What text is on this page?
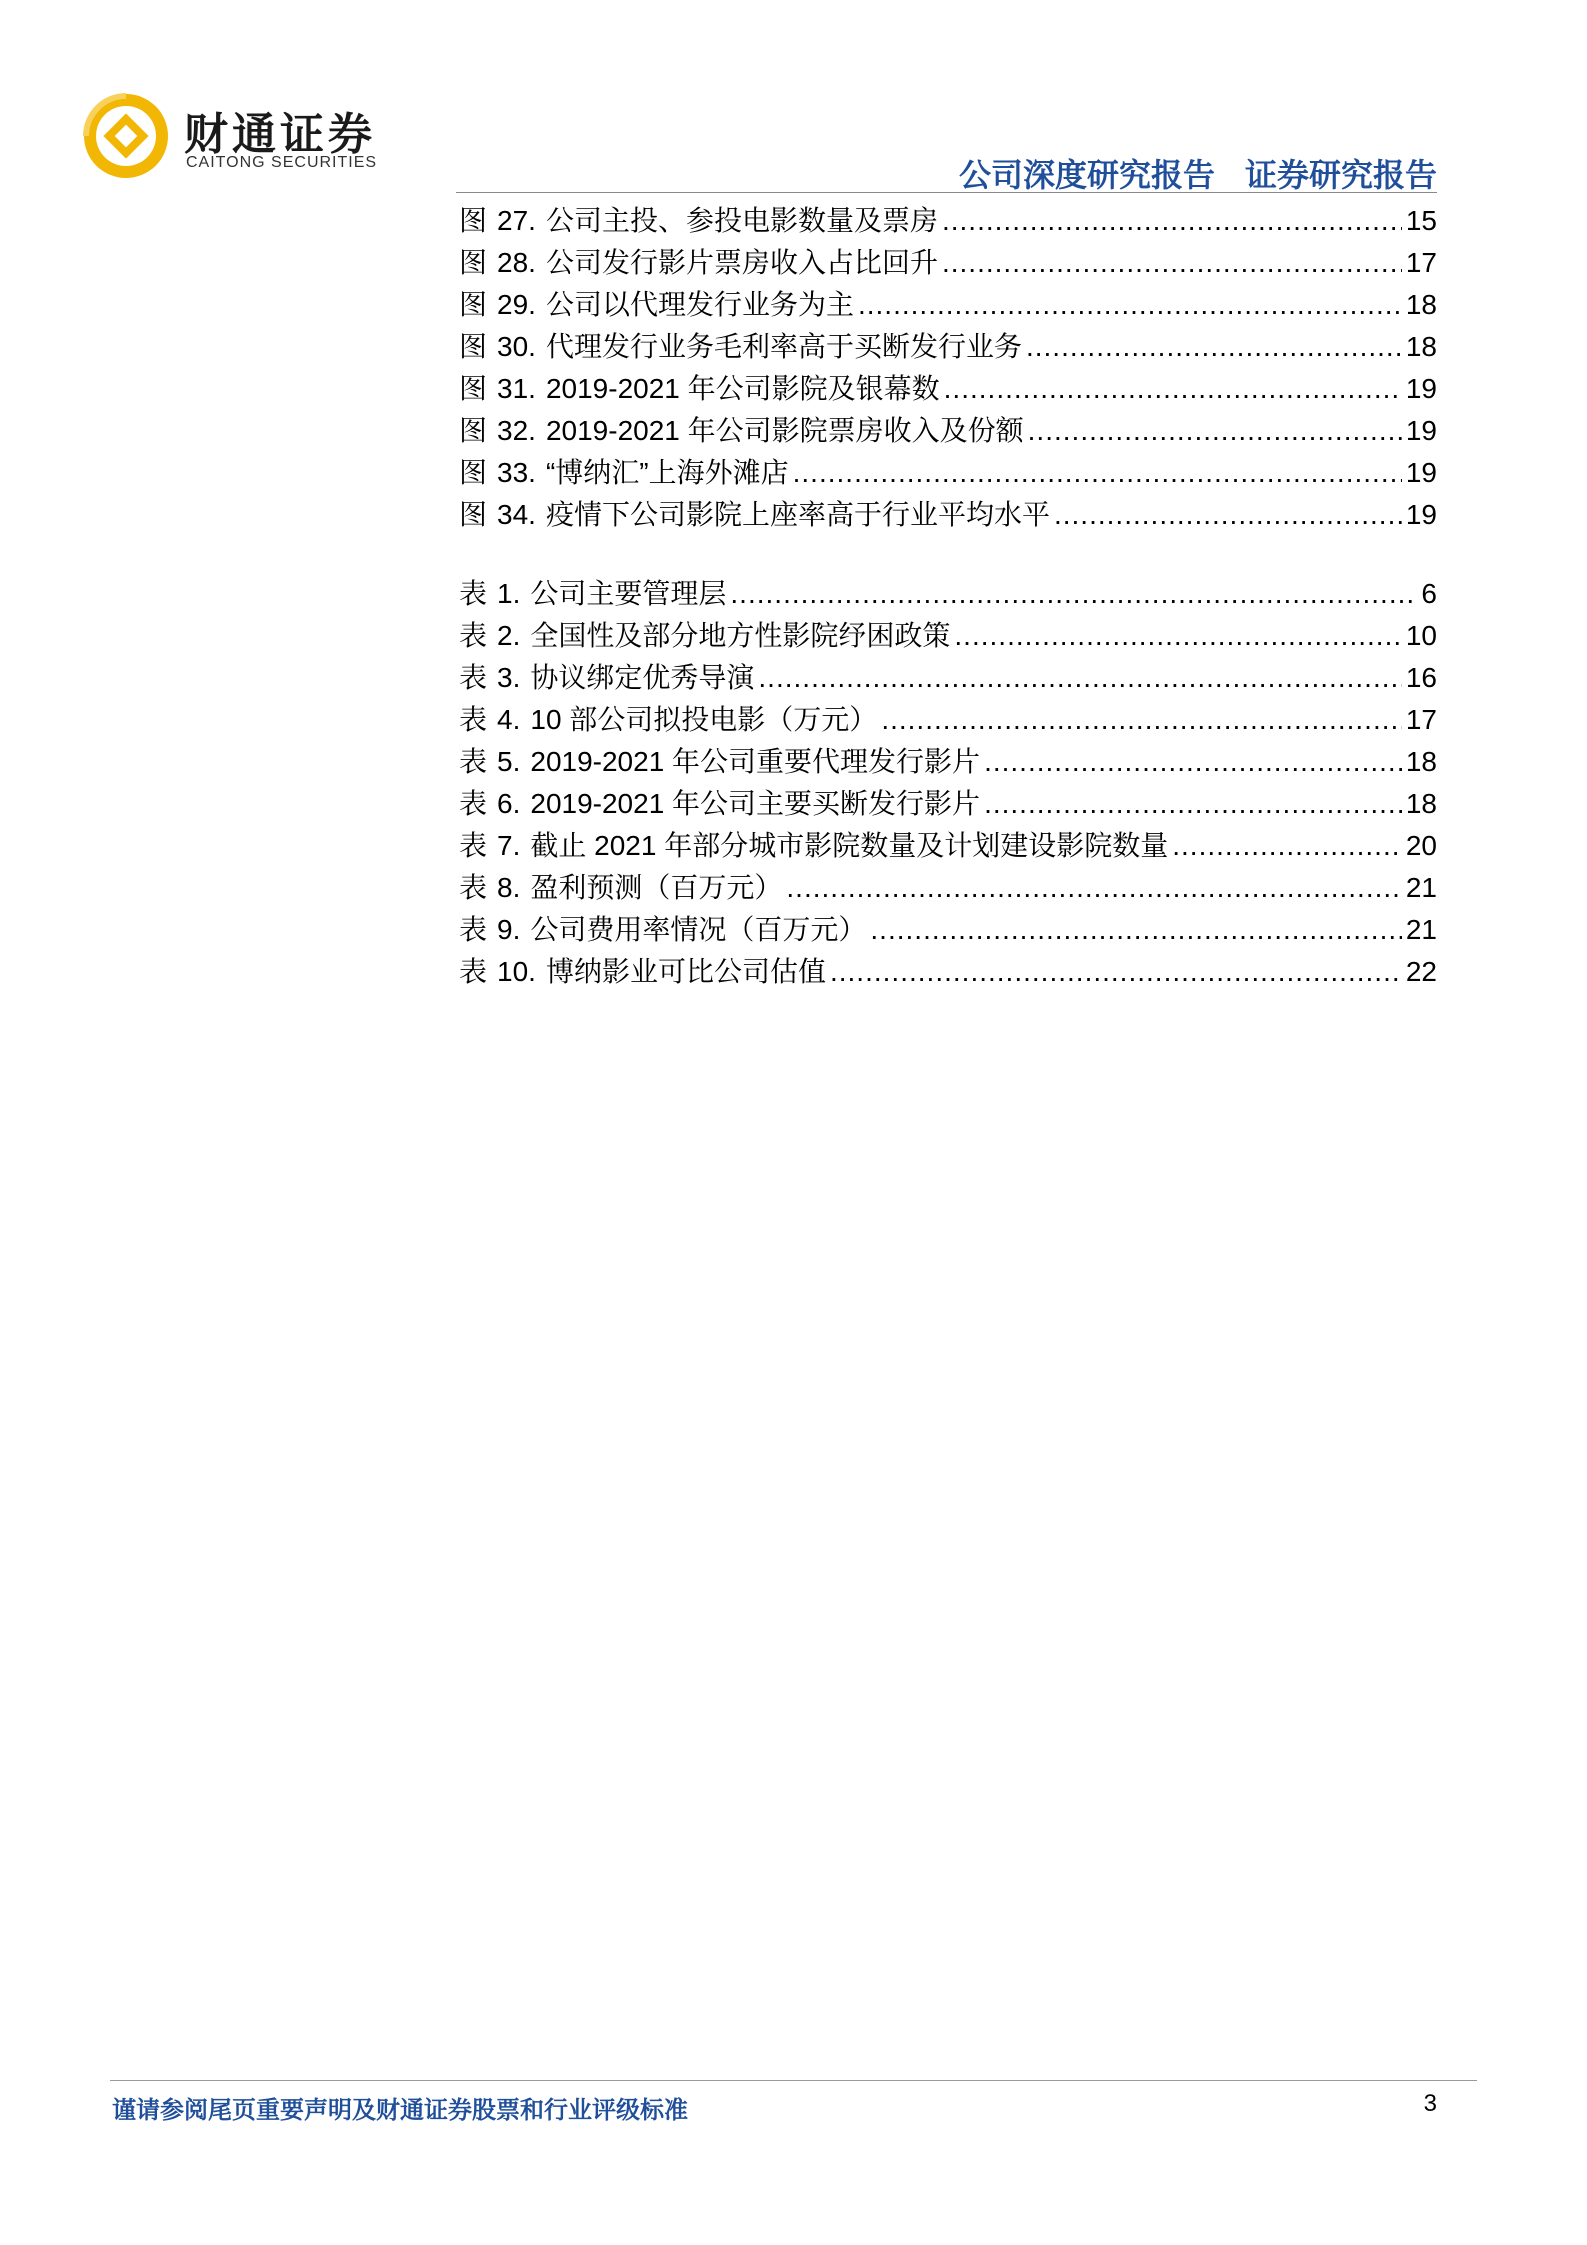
财通证券
CAITONG SECURITIES	公司深度研究报告 证券研究报告
图 27. 公司主投、参投电影数量及票房 .....	15
图 28. 公司发行影片票房收入占比回升 .....	17
图 29. 公司以代理发行业务为主 .....	18
图 30. 代理发行业务毛利率高于买断发行业务 .....	18
图 31. 2019-2021 年公司影院及银幕数 .....	19
图 32. 2019-2021 年公司影院票房收入及份额 .....	19
图 33. “博纳汇”上海外滩店 .....	19
图 34. 疫情下公司影院上座率高于行业平均水平 .....	19
表 1. 公司主要管理层 .....	6
表 2. 全国性及部分地方性影院纾困政策 .....	10
表 3. 协议绑定优秀导演 .....	16
表 4. 10 部公司拟投电影（万元） .....	17
表 5. 2019-2021 年公司重要代理发行影片 .....	18
表 6. 2019-2021 年公司主要买断发行影片 .....	18
表 7. 截止 2021 年部分城市影院数量及计划建设影院数量 .....	20
表 8. 盈利预测（百万元） .....	21
表 9. 公司费用率情况（百万元） .....	21
表 10. 博纳影业可比公司估值 .....	22
谨请参阅尾页重要声明及财通证券股票和行业评级标准	3
